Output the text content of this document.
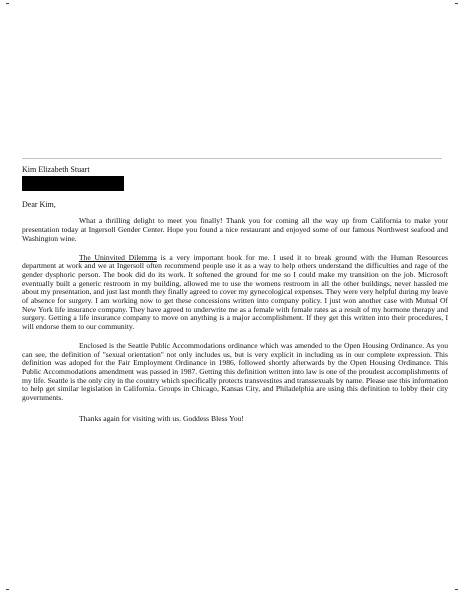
Kim Elizabeth Stuart
Dear Kim,

What a thrilling delight to meet you finally! Thank you for coming all the way up from California to make your presentation today at Ingersoll Gender Center. Hope you found a nice restaurant and enjoyed some of our famous Northwest seafood and Washington wine.

The Uninvited Dilemma is a very important book for me. I used it to break ground with the Human Resources department at work and we at Ingersoll often recommend people use it as a way to help others understand the difficulties and rage of the gender dysphoric person. The book did do its work. It softened the ground for me so I could make my transition on the job. Microsoft eventually built a generic restroom in my building, allowed me to use the womens restroom in all the other buildings, never hassled me about my presentation, and just last month they finally agreed to cover my gynecological expenses. They were very helpful during my leave of absence for surgery. I am working now to get these concessions written into company policy. I just won another case with Mutual Of New York life insurance company. They have agreed to underwrite me as a female with female rates as a result of my hormone therapy and surgery. Getting a life insurance company to move on anything is a major accomplishment. If they get this written into their procedures, I will endorse them to our community.

Enclosed is the Seattle Public Accommodations ordinance which was amended to the Open Housing Ordinance. As you can see, the definition of "sexual orientation" not only includes us, but is very explicit in including us in our complete expression. This definition was adoped for the Fair Employment Ordinance in 1986, followed shortly afterwards by the Open Housing Ordinance. This Public Accommodations amendment was passed in 1987. Getting this definition written into law is one of the proudest accomplishments of my life. Seattle is the only city in the country which specifically protects transvestites and transsexuals by name. Please use this information to help get similar legislation in California. Groups in Chicago, Kansas City, and Philadelphia are using this definition to lobby their city governments.

Thanks again for visiting with us. Goddess Bless You!
